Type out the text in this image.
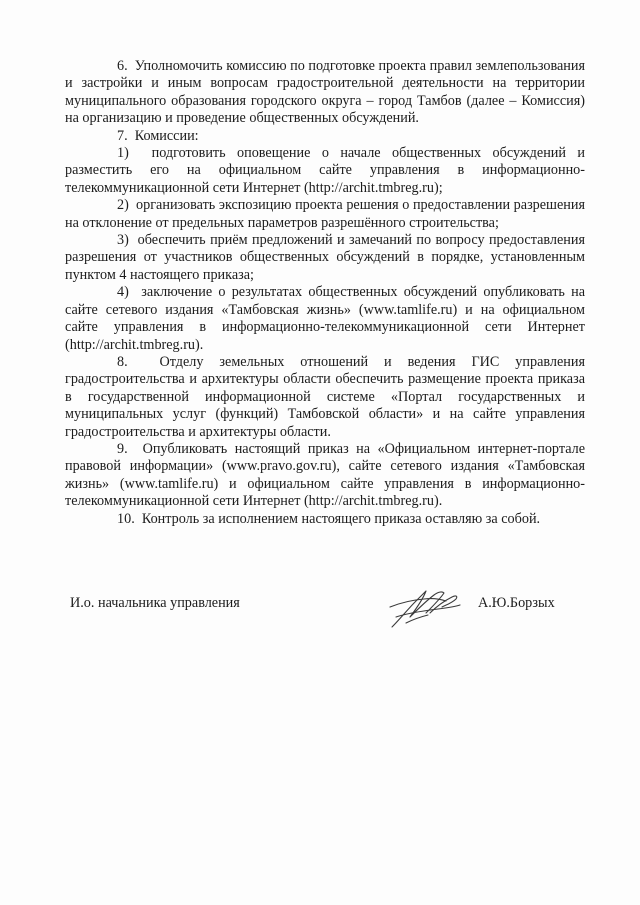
6.  Уполномочить комиссию по подготовке проекта правил землепользования и застройки и иным вопросам градостроительной деятельности на территории муниципального образования городского округа – город Тамбов (далее – Комиссия) на организацию и проведение общественных обсуждений.

7.  Комиссии:

1)  подготовить оповещение о начале общественных обсуждений и разместить его на официальном сайте управления в информационно-телекоммуникационной сети Интернет (http://archit.tmbreg.ru);

2)  организовать экспозицию проекта решения о предоставлении разрешения на отклонение от предельных параметров разрешённого строительства;

3)  обеспечить приём предложений и замечаний по вопросу предоставления разрешения от участников общественных обсуждений в порядке, установленным пунктом 4 настоящего приказа;

4)  заключение о результатах общественных обсуждений опубликовать на сайте сетевого издания «Тамбовская жизнь» (www.tamlife.ru) и на официальном сайте управления в информационно-телекоммуникационной сети Интернет (http://archit.tmbreg.ru).

8.  Отделу земельных отношений и ведения ГИС управления градостроительства и архитектуры области обеспечить размещение проекта приказа в государственной информационной системе «Портал государственных и муниципальных услуг (функций) Тамбовской области» и на сайте управления градостроительства и архитектуры области.

9.  Опубликовать настоящий приказ на «Официальном интернет-портале правовой информации» (www.pravo.gov.ru), сайте сетевого издания «Тамбовская жизнь» (www.tamlife.ru) и официальном сайте управления в информационно-телекоммуникационной сети Интернет (http://archit.tmbreg.ru).

10.  Контроль за исполнением настоящего приказа оставляю за собой.

И.о. начальника управления	А.Ю.Борзых
